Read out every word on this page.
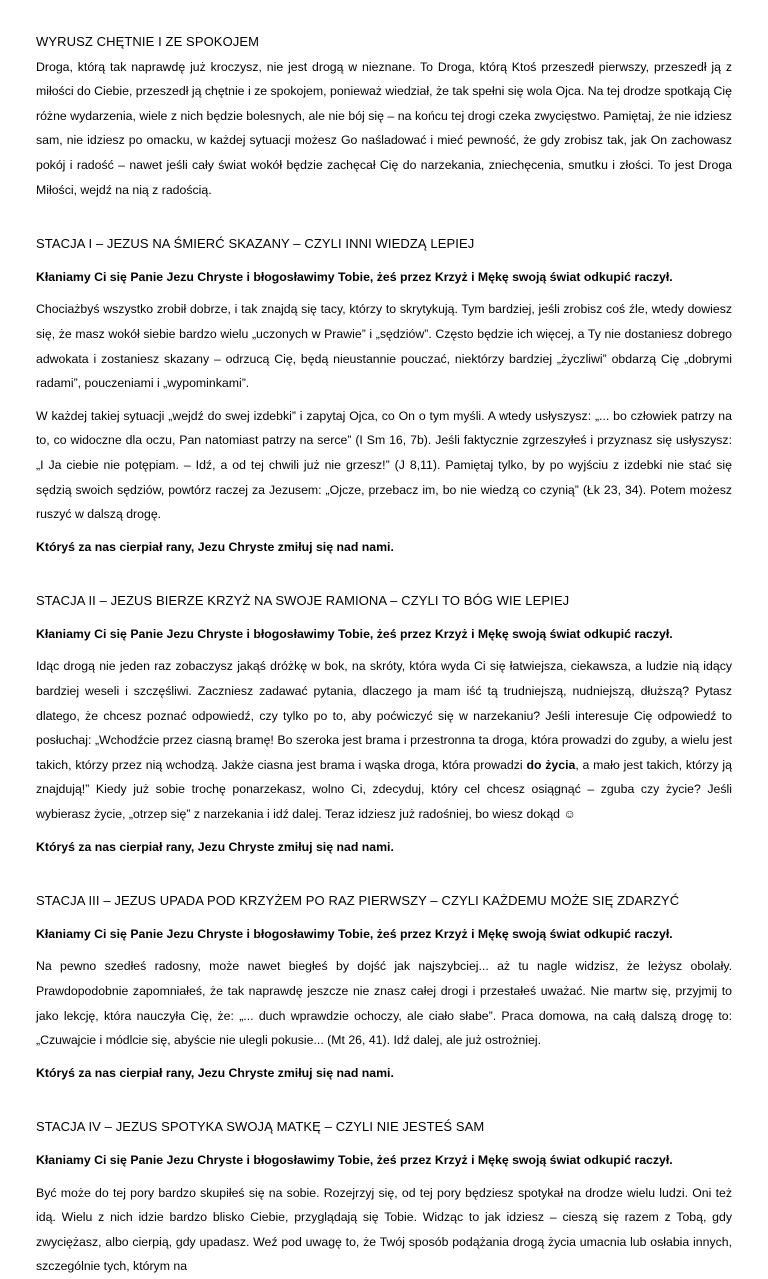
WYRUSZ CHĘTNIE I ZE SPOKOJEM

Droga, którą tak naprawdę już kroczysz, nie jest drogą w nieznane. To Droga, którą Ktoś przeszedł pierwszy, przeszedł ją z miłości do Ciebie, przeszedł ją chętnie i ze spokojem, ponieważ wiedział, że tak spełni się wola Ojca. Na tej drodze spotkają Cię różne wydarzenia, wiele z nich będzie bolesnych, ale nie bój się – na końcu tej drogi czeka zwycięstwo. Pamiętaj, że nie idziesz sam, nie idziesz po omacku, w każdej sytuacji możesz Go naśladować i mieć pewność, że gdy zrobisz tak, jak On zachowasz pokój i radość – nawet jeśli cały świat wokół będzie zachęcał Cię do narzekania, zniechęcenia, smutku i złości. To jest Droga Miłości, wejdź na nią z radością.

STACJA I – JEZUS NA ŚMIERĆ SKAZANY – CZYLI INNI WIEDZĄ LEPIEJ

Kłaniamy Ci się Panie Jezu Chryste i błogosławimy Tobie, żeś przez Krzyż i Mękę swoją świat odkupić raczył.

Chociażbyś wszystko zrobił dobrze, i tak znajdą się tacy, którzy to skrytykują. Tym bardziej, jeśli zrobisz coś źle, wtedy dowiesz się, że masz wokół siebie bardzo wielu „uczonych w Prawie” i „sędziów”. Często będzie ich więcej, a Ty nie dostaniesz dobrego adwokata i zostaniesz skazany – odrzucą Cię, będą nieustannie pouczać, niektórzy bardziej „życzliwi” obdarzą Cię „dobrymi radami”, pouczeniami i „wypominkami”.

W każdej takiej sytuacji „wejdź do swej izdebki” i zapytaj Ojca, co On o tym myśli. A wtedy usłyszysz: „... bo człowiek patrzy na to, co widoczne dla oczu, Pan natomiast patrzy na serce” (I Sm 16, 7b). Jeśli faktycznie zgrzeszyłeś i przyznasz się usłyszysz: „I Ja ciebie nie potępiam. – Idź, a od tej chwili już nie grzesz!” (J 8,11). Pamiętaj tylko, by po wyjściu z izdebki nie stać się sędzią swoich sędziów, powtórz raczej za Jezusem: „Ojcze, przebacz im, bo nie wiedzą co czynią” (Łk 23, 34). Potem możesz ruszyć w dalszą drogę.

Któryś za nas cierpiał rany, Jezu Chryste zmiłuj się nad nami.

STACJA II – JEZUS BIERZE KRZYŻ NA SWOJE RAMIONA – CZYLI TO BÓG WIE LEPIEJ

Kłaniamy Ci się Panie Jezu Chryste i błogosławimy Tobie, żeś przez Krzyż i Mękę swoją świat odkupić raczył.

Idąc drogą nie jeden raz zobaczysz jakąś dróżkę w bok, na skróty, która wyda Ci się łatwiejsza, ciekawsza, a ludzie nią idący bardziej weseli i szczęśliwi. Zaczniesz zadawać pytania, dlaczego ja mam iść tą trudniejszą, nudniejszą, dłuższą? Pytasz dlatego, że chcesz poznać odpowiedź, czy tylko po to, aby poćwiczyć się w narzekaniu? Jeśli interesuje Cię odpowiedź to posłuchaj: „Wchodźcie przez ciasną bramę! Bo szeroka jest brama i przestronna ta droga, która prowadzi do zguby, a wielu jest takich, którzy przez nią wchodzą. Jakże ciasna jest brama i wąska droga, która prowadzi do życia, a mało jest takich, którzy ją znajdują!” Kiedy już sobie trochę ponarzekasz, wolno Ci, zdecyduj, który cel chcesz osiągnąć – zguba czy życie? Jeśli wybierasz życie, „otrzep się” z narzekania i idź dalej. Teraz idziesz już radośniej, bo wiesz dokąd ☺

Któryś za nas cierpiał rany, Jezu Chryste zmiłuj się nad nami.

STACJA III – JEZUS UPADA POD KRZYŻEM PO RAZ PIERWSZY – CZYLI KAŻDEMU MOŻE SIĘ ZDARZYĆ

Kłaniamy Ci się Panie Jezu Chryste i błogosławimy Tobie, żeś przez Krzyż i Mękę swoją świat odkupić raczył.

Na pewno szedłeś radosny, może nawet biegłeś by dojść jak najszybciej... aż tu nagle widzisz, że leżysz obolały. Prawdopodobnie zapomniałeś, że tak naprawdę jeszcze nie znasz całej drogi i przestałeś uważać. Nie martw się, przyjmij to jako lekcję, która nauczyła Cię, że: „... duch wprawdzie ochoczy, ale ciało słabe”. Praca domowa, na całą dalszą drogę to: „Czuwajcie i módlcie się, abyście nie ulegli pokusie... (Mt 26, 41). Idź dalej, ale już ostrożniej.

Któryś za nas cierpiał rany, Jezu Chryste zmiłuj się nad nami.

STACJA IV – JEZUS SPOTYKA SWOJĄ MATKĘ – CZYLI NIE JESTEŚ SAM

Kłaniamy Ci się Panie Jezu Chryste i błogosławimy Tobie, żeś przez Krzyż i Mękę swoją świat odkupić raczył.

Być może do tej pory bardzo skupiłeś się na sobie. Rozejrzyj się, od tej pory będziesz spotykał na drodze wielu ludzi. Oni też idą. Wielu z nich idzie bardzo blisko Ciebie, przyglądają się Tobie. Widząc to jak idziesz – cieszą się razem z Tobą, gdy zwyciężasz, albo cierpią, gdy upadasz. Weź pod uwagę to, że Twój sposób podążania drogą życia umacnia lub osłabia innych, szczególnie tych, którym na
